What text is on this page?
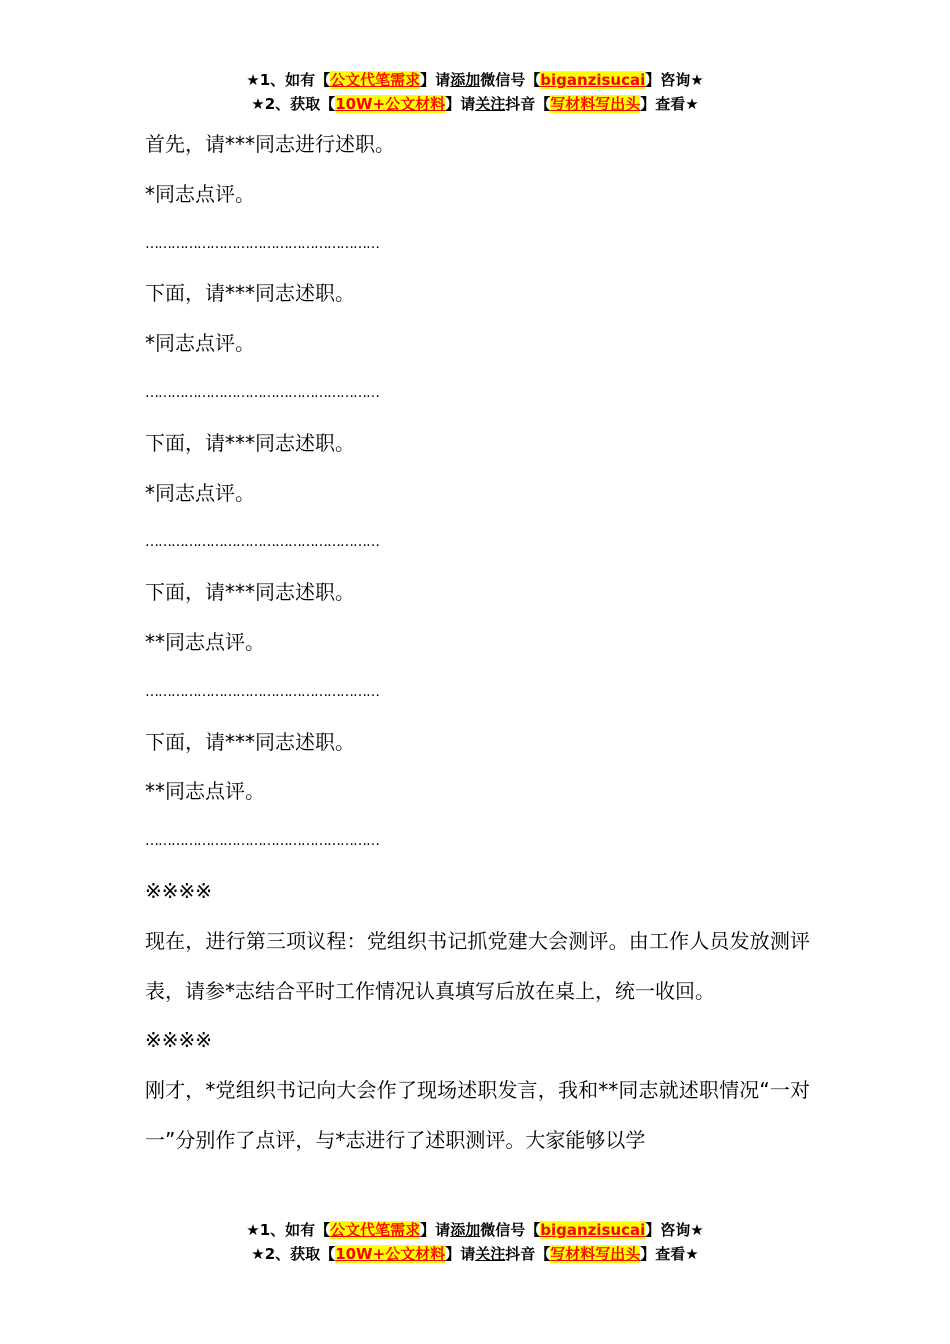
★1、如有【公文代笔需求】请添加微信号【biganzisucai】咨询★
★2、获取【10W+公文材料】请关注抖音【写材料写出头】查看★

首先，请***同志进行述职。

*同志点评。

………………………………………………

下面，请***同志述职。

*同志点评。

………………………………………………

下面，请***同志述职。

*同志点评。

………………………………………………

下面，请***同志述职。

**同志点评。

………………………………………………

下面，请***同志述职。

**同志点评。

………………………………………………

※※※※

现在，进行第三项议程：党组织书记抓党建大会测评。由工作人员发放测评表，请参*志结合平时工作情况认真填写后放在桌上，统一收回。

※※※※

刚才，*党组织书记向大会作了现场述职发言，我和**同志就述职情况“一对一”分别作了点评，与*志进行了述职测评。大家能够以学

★1、如有【公文代笔需求】请添加微信号【biganzisucai】咨询★
★2、获取【10W+公文材料】请关注抖音【写材料写出头】查看★
